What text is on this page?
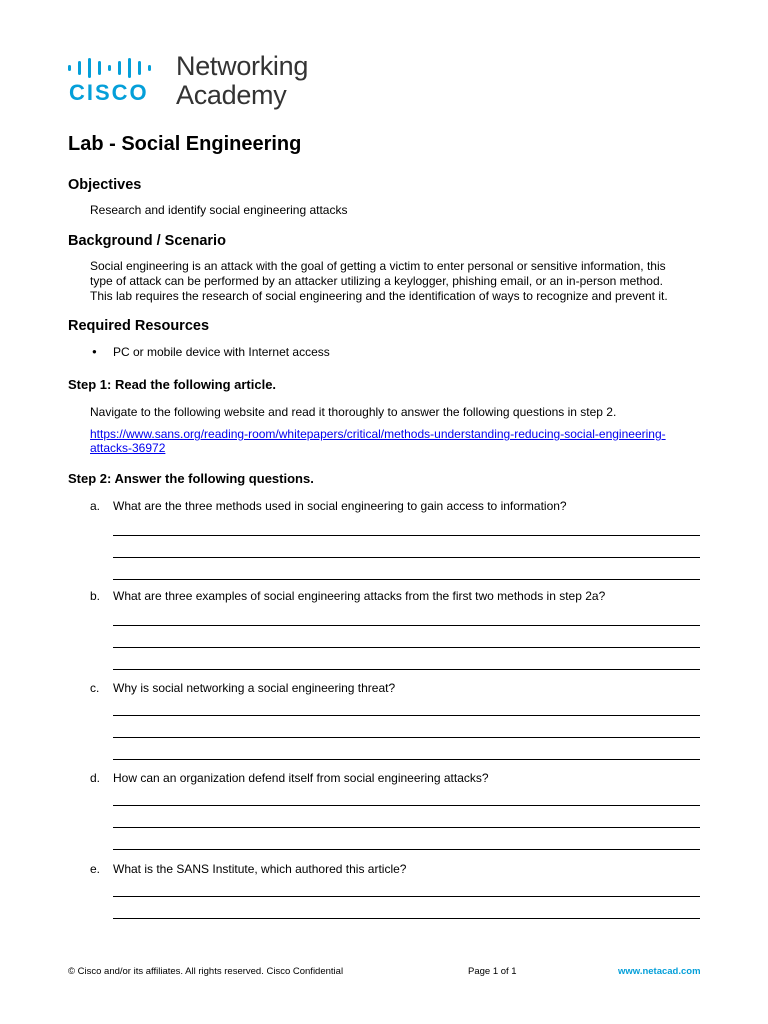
CISCO
Networking
Academy
Lab - Social Engineering
Objectives
Research and identify social engineering attacks
Background / Scenario
Social engineering is an attack with the goal of getting a victim to enter personal or sensitive information, this
type of attack can be performed by an attacker utilizing a keylogger, phishing email, or an in-person method.
This lab requires the research of social engineering and the identification of ways to recognize and prevent it.
Required Resources
● PC or mobile device with Internet access
Step 1: Read the following article.
Navigate to the following website and read it thoroughly to answer the following questions in step 2.
https://www.sans.org/reading-room/whitepapers/critical/methods-understanding-reducing-social-engineering-
attacks-36972
Step 2: Answer the following questions.
a. What are the three methods used in social engineering to gain access to information?
b. What are three examples of social engineering attacks from the first two methods in step 2a?
c. Why is social networking a social engineering threat?
d. How can an organization defend itself from social engineering attacks?
e. What is the SANS Institute, which authored this article?
© Cisco and/or its affiliates. All rights reserved. Cisco Confidential	Page 1 of 1	www.netacad.com
